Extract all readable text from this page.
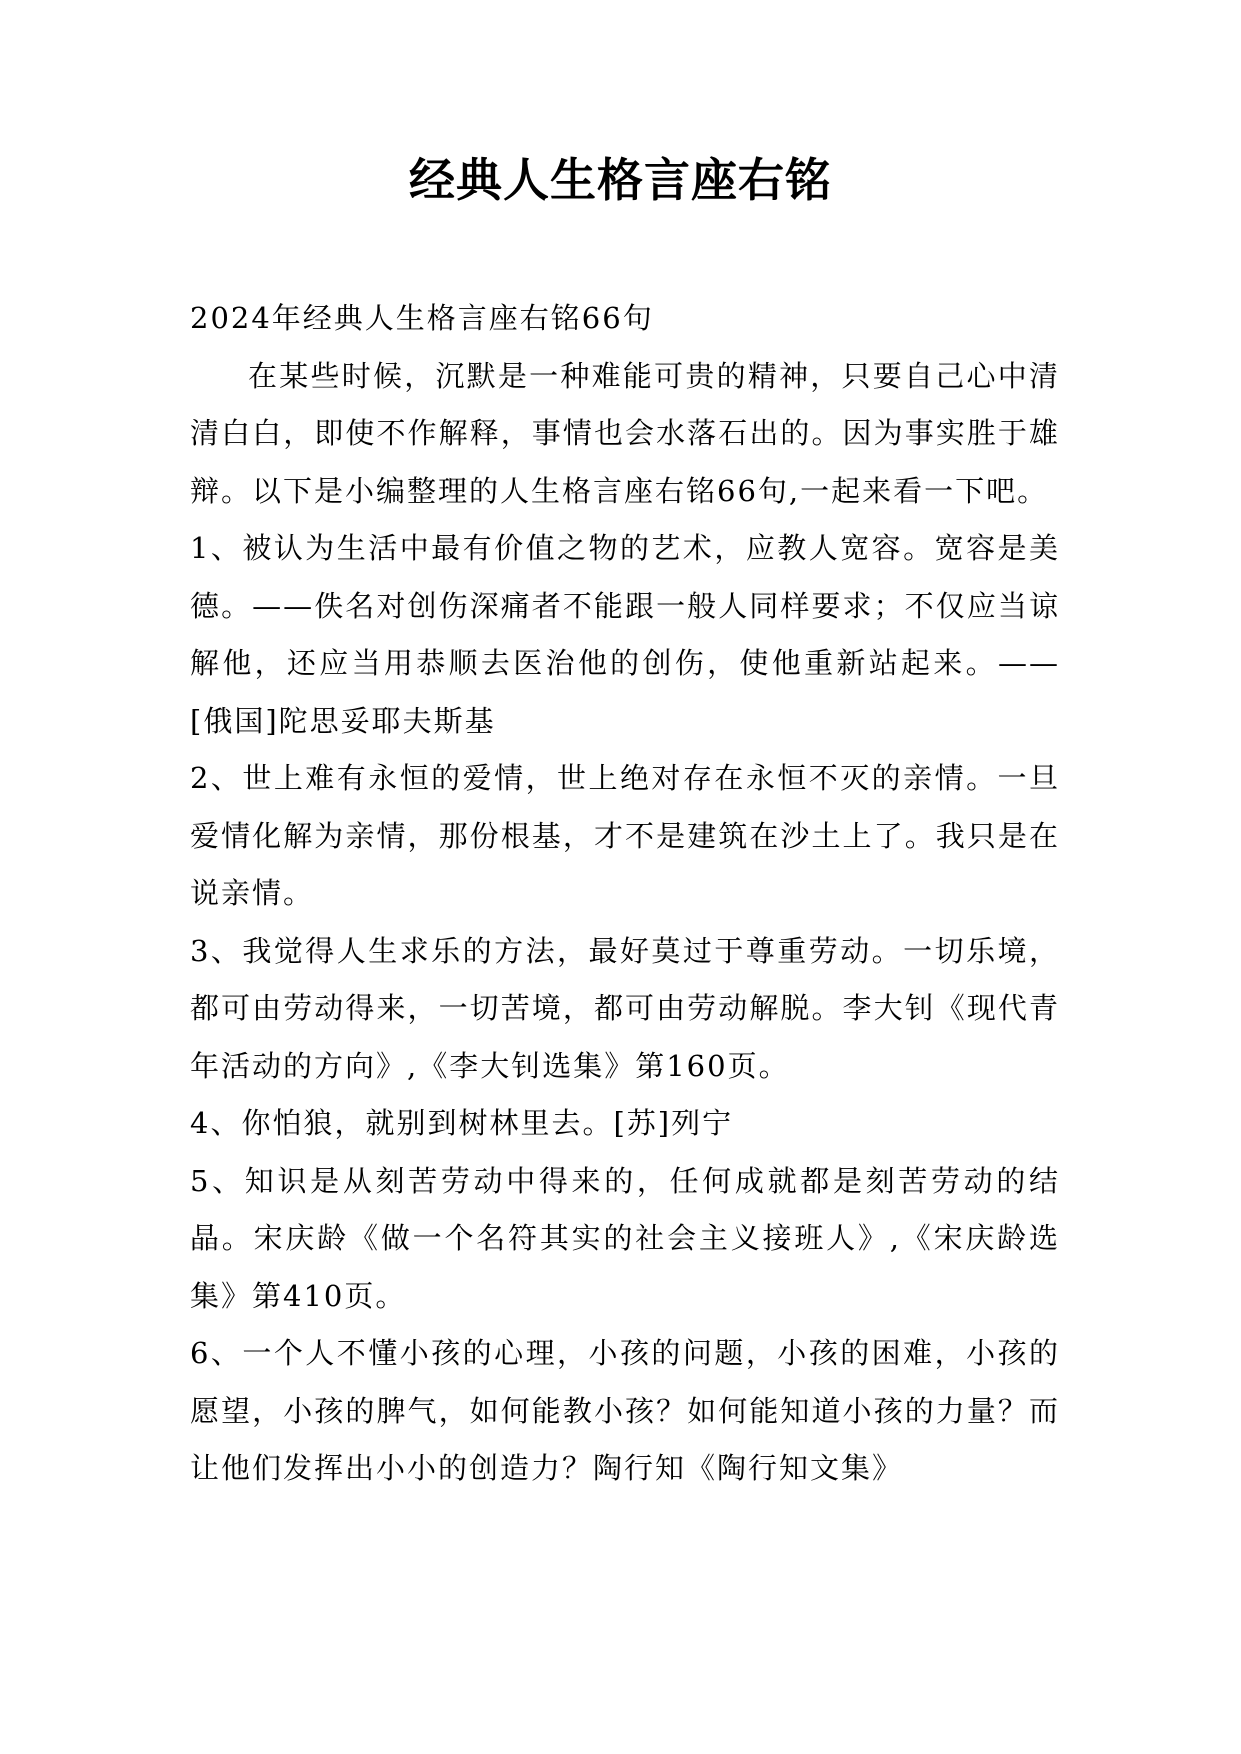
经典人生格言座右铭

2024年经典人生格言座右铭66句

在某些时候，沉默是一种难能可贵的精神，只要自己心中清清白白，即使不作解释，事情也会水落石出的。因为事实胜于雄辩。以下是小编整理的人生格言座右铭66句,一起来看一下吧。

1、被认为生活中最有价值之物的艺术，应教人宽容。宽容是美德。——佚名对创伤深痛者不能跟一般人同样要求；不仅应当谅解他，还应当用恭顺去医治他的创伤，使他重新站起来。——[俄国]陀思妥耶夫斯基

2、世上难有永恒的爱情，世上绝对存在永恒不灭的亲情。一旦爱情化解为亲情，那份根基，才不是建筑在沙土上了。我只是在说亲情。

3、我觉得人生求乐的方法，最好莫过于尊重劳动。一切乐境，都可由劳动得来，一切苦境，都可由劳动解脱。李大钊《现代青年活动的方向》,《李大钊选集》第160页。

4、你怕狼，就别到树林里去。[苏]列宁

5、知识是从刻苦劳动中得来的，任何成就都是刻苦劳动的结晶。宋庆龄《做一个名符其实的社会主义接班人》,《宋庆龄选集》第410页。

6、一个人不懂小孩的心理，小孩的问题，小孩的困难，小孩的愿望，小孩的脾气，如何能教小孩？如何能知道小孩的力量？而让他们发挥出小小的创造力？陶行知《陶行知文集》
